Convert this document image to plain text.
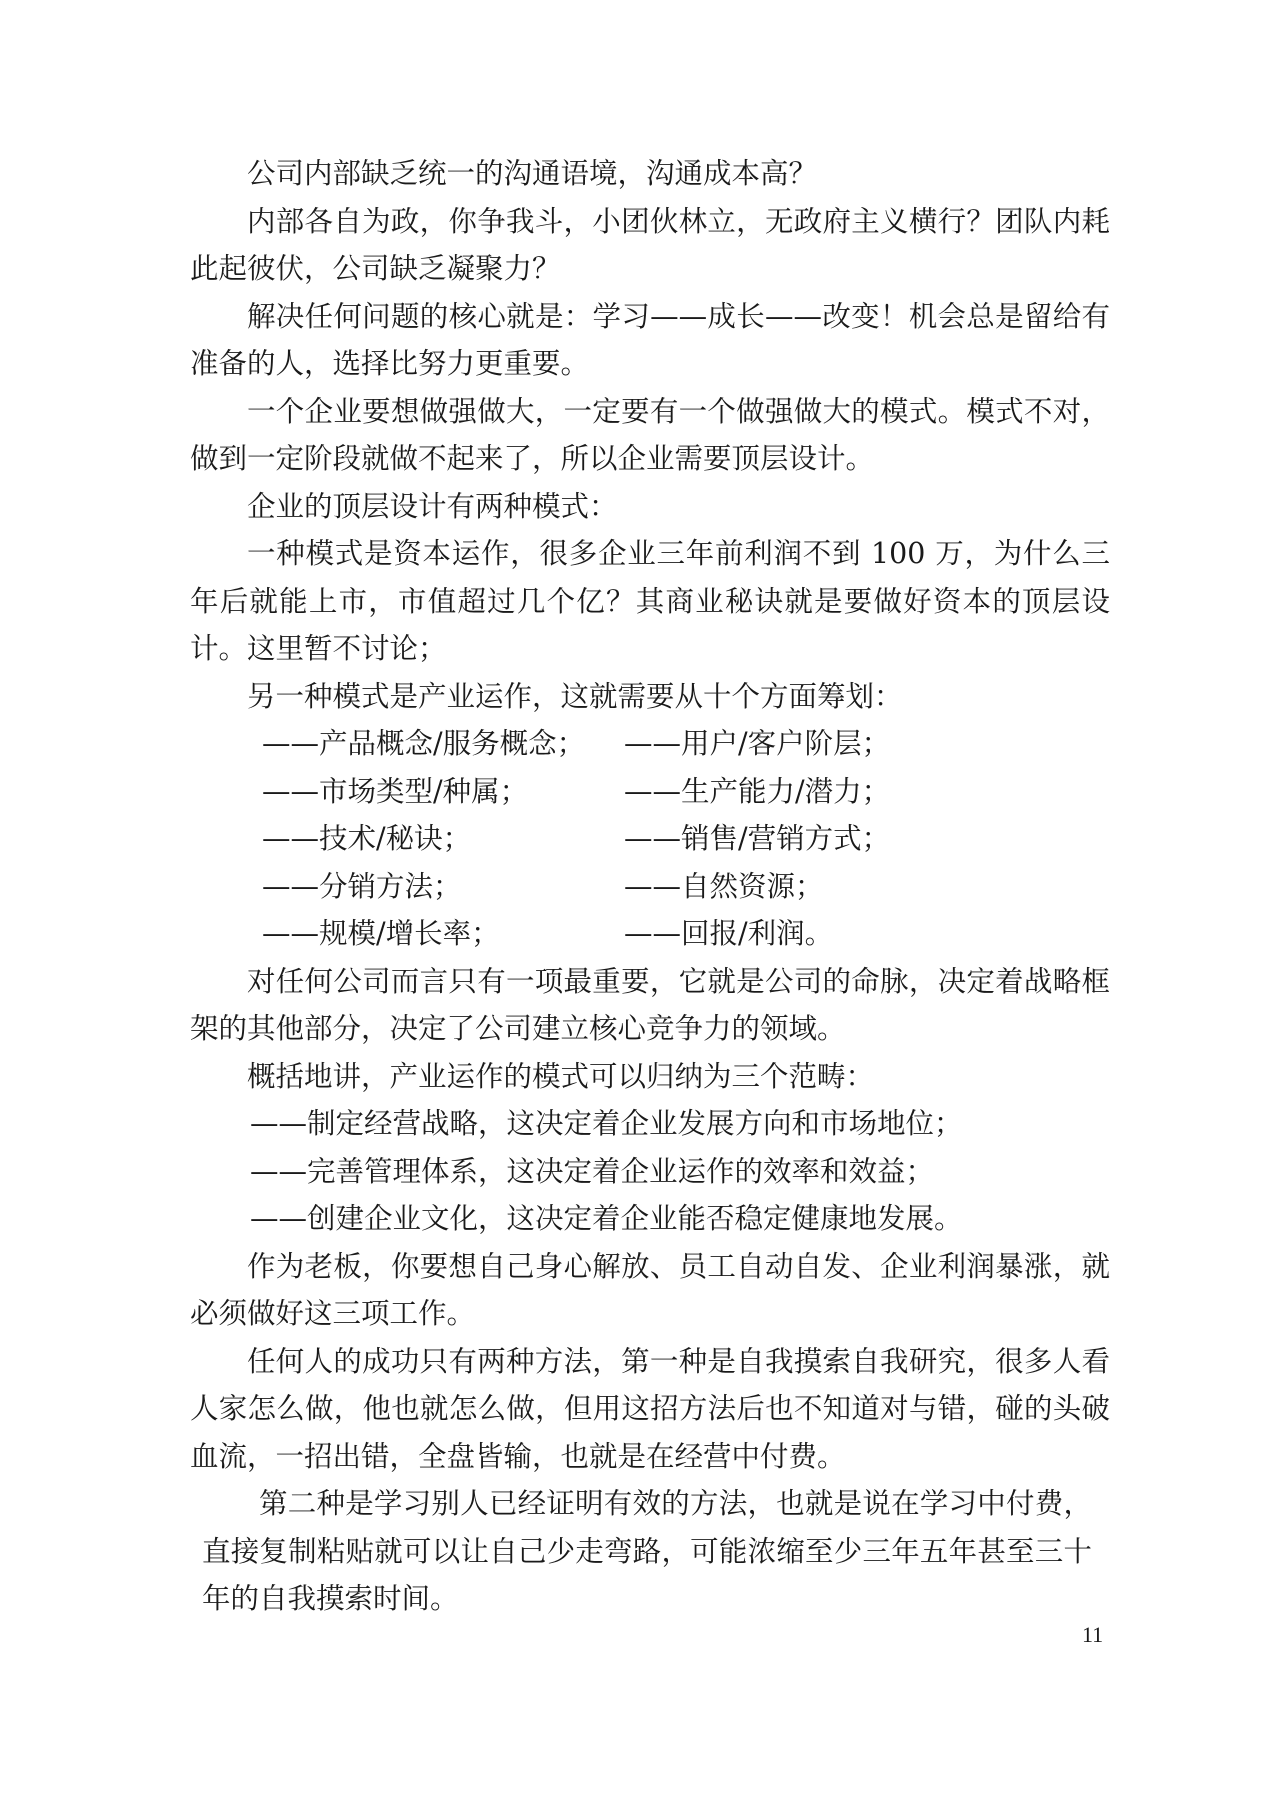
公司内部缺乏统一的沟通语境，沟通成本高？

内部各自为政，你争我斗，小团伙林立，无政府主义横行？团队内耗此起彼伏，公司缺乏凝聚力？

解决任何问题的核心就是：学习——成长——改变！机会总是留给有准备的人，选择比努力更重要。

一个企业要想做强做大，一定要有一个做强做大的模式。模式不对，做到一定阶段就做不起来了，所以企业需要顶层设计。

企业的顶层设计有两种模式：

一种模式是资本运作，很多企业三年前利润不到 100 万，为什么三年后就能上市，市值超过几个亿？其商业秘诀就是要做好资本的顶层设计。这里暂不讨论；

另一种模式是产业运作，这就需要从十个方面筹划：

——产品概念/服务概念；	——用户/客户阶层；
——市场类型/种属；	——生产能力/潜力；
——技术/秘诀；	——销售/营销方式；
——分销方法；	——自然资源；
——规模/增长率；	——回报/利润。

对任何公司而言只有一项最重要，它就是公司的命脉，决定着战略框架的其他部分，决定了公司建立核心竞争力的领域。

概括地讲，产业运作的模式可以归纳为三个范畴：

——制定经营战略，这决定着企业发展方向和市场地位；

——完善管理体系，这决定着企业运作的效率和效益；

——创建企业文化，这决定着企业能否稳定健康地发展。

作为老板，你要想自己身心解放、员工自动自发、企业利润暴涨，就必须做好这三项工作。

任何人的成功只有两种方法，第一种是自我摸索自我研究，很多人看人家怎么做，他也就怎么做，但用这招方法后也不知道对与错，碰的头破血流，一招出错，全盘皆输，也就是在经营中付费。

第二种是学习别人已经证明有效的方法，也就是说在学习中付费，直接复制粘贴就可以让自己少走弯路，可能浓缩至少三年五年甚至三十年的自我摸索时间。

11
